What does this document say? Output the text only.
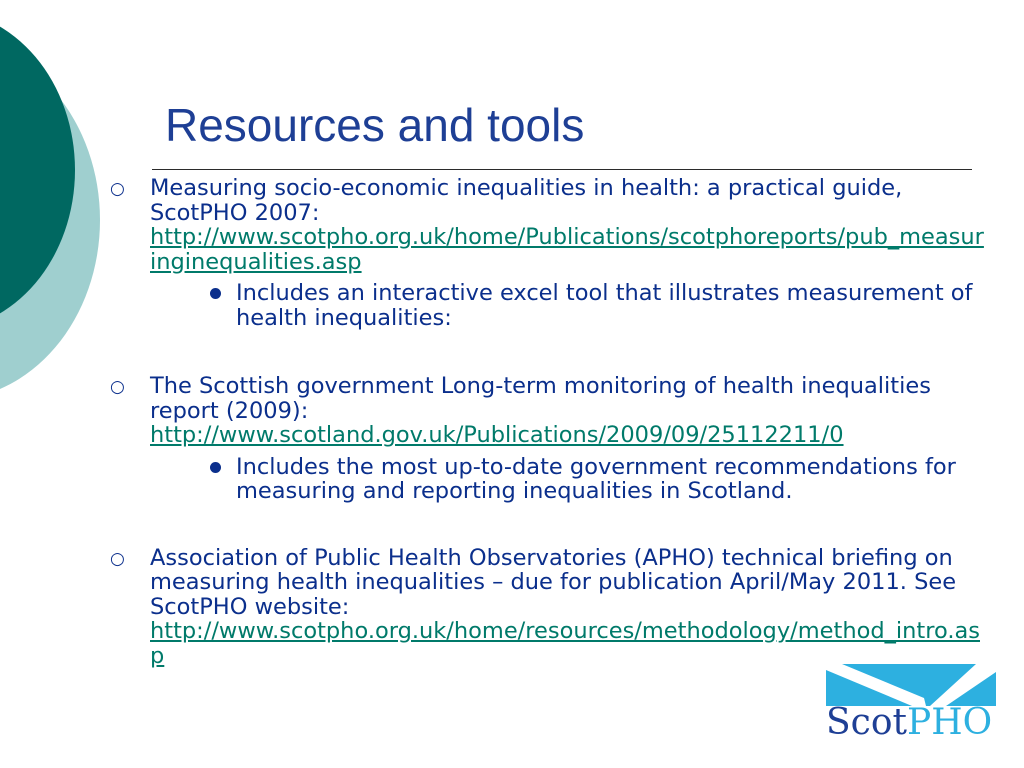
Resources and tools
○ Measuring socio-economic inequalities in health: a practical guide, ScotPHO 2007:
http://www.scotpho.org.uk/home/Publications/scotphoreports/pub_measuringinequalities.asp
Includes an interactive excel tool that illustrates measurement of health inequalities:
○ The Scottish government Long-term monitoring of health inequalities report (2009):
http://www.scotland.gov.uk/Publications/2009/09/25112211/0
Includes the most up-to-date government recommendations for measuring and reporting inequalities in Scotland.
○ Association of Public Health Observatories (APHO) technical briefing on measuring health inequalities – due for publication April/May 2011. See ScotPHO website:
http://www.scotpho.org.uk/home/resources/methodology/method_intro.asp
ScotPHO
